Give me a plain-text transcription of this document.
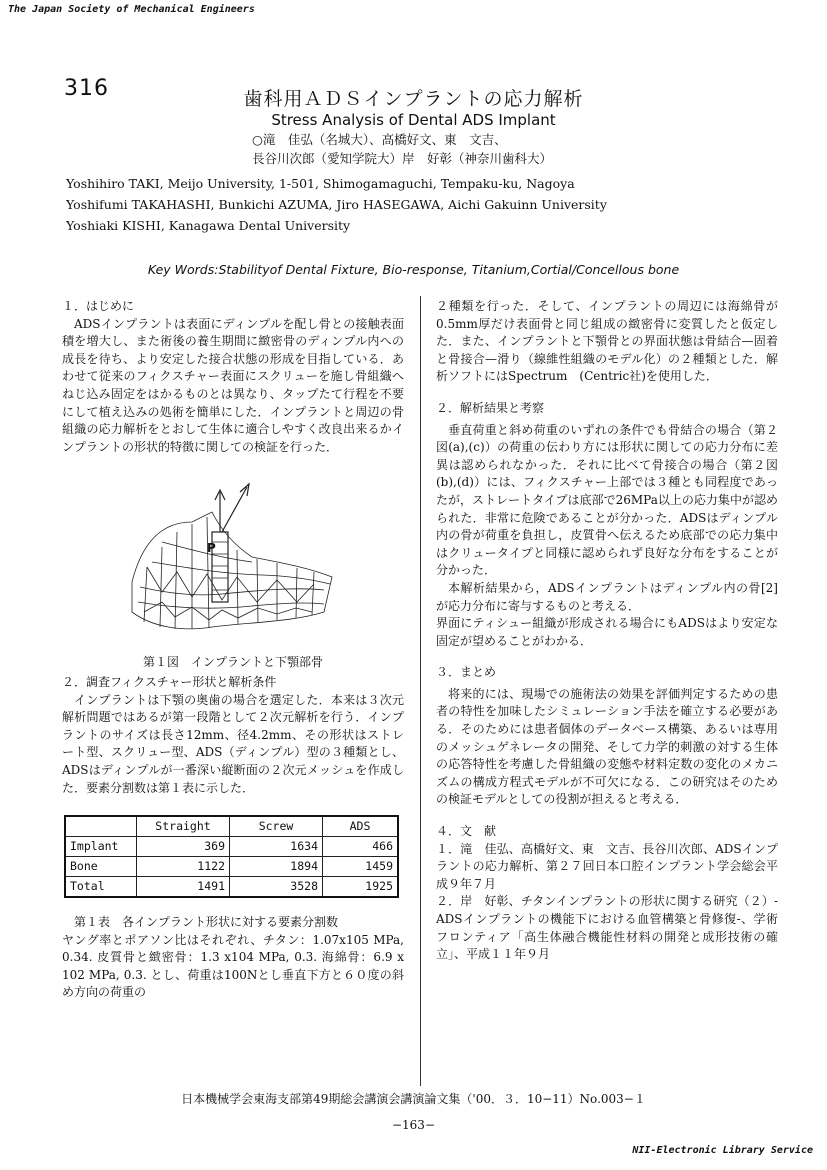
The Japan Society of Mechanical Engineers
316	歯科用ＡＤＳインプラントの応力解析
Stress Analysis of Dental ADS Implant
○滝　佳弘（名城大）、高橋好文、東　文吉、
長谷川次郎（愛知学院大）岸　好彰（神奈川歯科大）
Yoshihiro TAKI, Meijo University, 1-501, Shimogamaguchi, Tempaku-ku, Nagoya
Yoshifumi TAKAHASHI, Bunkichi AZUMA, Jiro HASEGAWA, Aichi Gakuinn University
Yoshiaki KISHI, Kanagawa Dental University
Key Words:Stabilityof Dental Fixture, Bio-response, Titanium,Cortial/Concellous bone
１．はじめに

ADSインプラントは表面にディンプルを配し骨との接触表面積を増大し、また術後の養生期間に緻密骨のディンプル内への成長を待ち、より安定した接合状態の形成を目指している．あわせて従来のフィクスチャー表面にスクリューを施し骨組織へねじ込み固定をはかるものとは異なり、タップたて行程を不要にして植え込みの処術を簡単にした．インプラントと周辺の骨組織の応力解析をとおして生体に適合しやすく改良出来るかインプラントの形状的特徴に関しての検証を行った．

P
第１図　インプラントと下顎部骨
２．調査フィクスチャー形状と解析条件

インプラントは下顎の奥歯の場合を選定した．本来は３次元解析問題ではあるが第一段階として２次元解析を行う．インプラントのサイズは長さ12mm、径4.2mm、その形状はストレート型、スクリュー型、ADS（ディンプル）型の３種類とし、ADSはディンプルが一番深い縦断面の２次元メッシュを作成した．要素分割数は第１表に示した．

	Straight	Screw	ADS
Implant	369	1634	466
Bone	1122	1894	1459
Total	1491	3528	1925
第１表　各インプラント形状に対する要素分割数

ヤング率とポアソン比はそれぞれ、チタン：1.07x105 MPa, 0.34. 皮質骨と緻密骨：1.3 x104 MPa, 0.3. 海綿骨：6.9 x 102 MPa, 0.3. とし、荷重は100Nとし垂直下方と６０度の斜め方向の荷重の

２種類を行った．そして、インプラントの周辺には海綿骨が0.5mm厚だけ表面骨と同じ組成の緻密骨に変質したと仮定した．また、インプラントと下顎骨との界面状態は骨結合—固着と骨接合—滑り（線維性組織のモデル化）の２種類とした．解析ソフトにはSpectrum　(Centric社)を使用した．

２．解析結果と考察

垂直荷重と斜め荷重のいずれの条件でも骨結合の場合（第２図(a),(c)）の荷重の伝わり方には形状に関しての応力分布に差異は認められなかった．それに比べて骨接合の場合（第２図(b),(d)）には、フィクスチャー上部では３種とも同程度であったが，ストレートタイプは底部で26MPa以上の応力集中が認められた．非常に危険であることが分かった．ADSはディンプル内の骨が荷重を負担し，皮質骨へ伝えるため底部での応力集中はクリュータイプと同様に認められず良好な分布をすることが分かった．

本解析結果から，ADSインプラントはディンプル内の骨[2]が応力分布に寄与するものと考える．

界面にティシュー組織が形成される場合にもADSはより安定な固定が望めることがわかる．

３．まとめ

将来的には、現場での施術法の効果を評価判定するための患者の特性を加味したシミュレーション手法を確立する必要がある．そのためには患者個体のデータベース構築、あるいは専用のメッシュゲネレータの開発、そして力学的刺激の対する生体の応答特性を考慮した骨組織の変態や材料定数の変化のメカニズムの構成方程式モデルが不可欠になる．この研究はそのための検証モデルとしての役割が担えると考える．

４．文　献

１．滝　佳弘、高橋好文、東　文吉、長谷川次郎、ADSインプラントの応力解析、第２７回日本口腔インプラント学会総会平成９年７月

２．岸　好彰、チタンインプラントの形状に関する研究（２）-ADSインプラントの機能下における血管構築と骨修復-、学術フロンティア「高生体融合機能性材料の開発と成形技術の確立」、平成１１年９月

日本機械学会東海支部第49期総会講演会講演論文集（'00．３．10−11）No.003−１
−163−
NII-Electronic Library Service
